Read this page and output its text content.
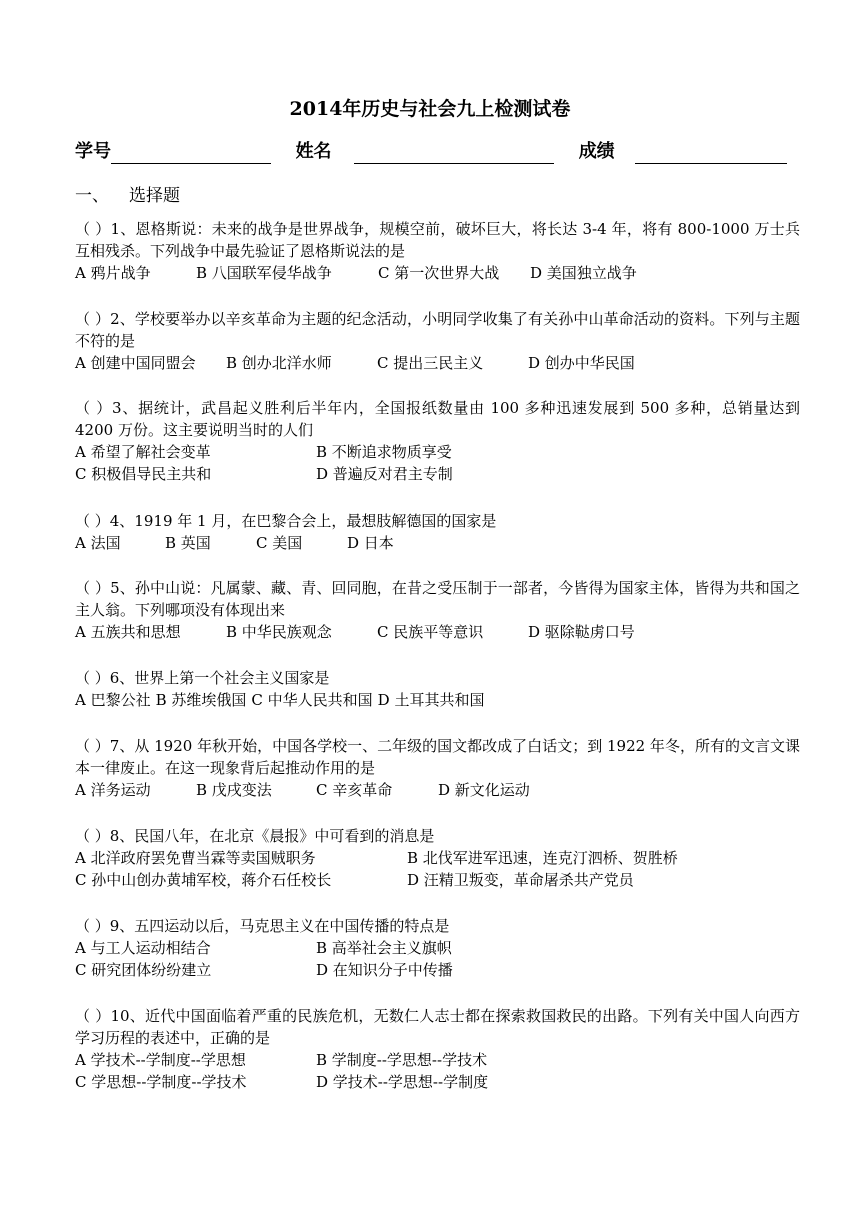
2014年历史与社会九上检测试卷
学号	姓名	成绩
一、 选择题
（ ）1、恩格斯说：未来的战争是世界战争，规模空前，破坏巨大，将长达 3-4 年，将有 800-1000 万士兵互相残杀。下列战争中最先验证了恩格斯说法的是
A 鸦片战争	B 八国联军侵华战争	C 第一次世界大战 D 美国独立战争
（ ）2、学校要举办以辛亥革命为主题的纪念活动，小明同学收集了有关孙中山革命活动的资料。下列与主题不符的是
A 创建中国同盟会 B 创办北洋水师	C 提出三民主义	D 创办中华民国
（ ）3、据统计，武昌起义胜利后半年内，全国报纸数量由 100 多种迅速发展到 500 多种，总销量达到 4200 万份。这主要说明当时的人们
A 希望了解社会变革	B 不断追求物质享受
C 积极倡导民主共和	D 普遍反对君主专制
（ ）4、1919 年 1 月，在巴黎合会上，最想肢解德国的国家是
A 法国	B 英国	C 美国	D 日本
（ ）5、孙中山说：凡属蒙、藏、青、回同胞，在昔之受压制于一部者，今皆得为国家主体，皆得为共和国之主人翁。下列哪项没有体现出来
A 五族共和思想	B 中华民族观念	C 民族平等意识	D 驱除鞑虏口号
（ ）6、世界上第一个社会主义国家是
A 巴黎公社 B 苏维埃俄国 C 中华人民共和国 D 土耳其共和国
（ ）7、从 1920 年秋开始，中国各学校一、二年级的国文都改成了白话文；到 1922 年冬，所有的文言文课本一律废止。在这一现象背后起推动作用的是
A 洋务运动	B 戊戌变法	C 辛亥革命	D 新文化运动
（ ）8、民国八年，在北京《晨报》中可看到的消息是
A 北洋政府罢免曹当霖等卖国贼职务	B 北伐军进军迅速，连克汀泗桥、贺胜桥
C 孙中山创办黄埔军校，蒋介石任校长	D 汪精卫叛变，革命屠杀共产党员
（ ）9、五四运动以后，马克思主义在中国传播的特点是
A 与工人运动相结合	B 高举社会主义旗帜
C 研究团体纷纷建立	D 在知识分子中传播
（ ）10、近代中国面临着严重的民族危机，无数仁人志士都在探索救国救民的出路。下列有关中国人向西方学习历程的表述中，正确的是
A 学技术--学制度--学思想	B 学制度--学思想--学技术
C 学思想--学制度--学技术	D 学技术--学思想--学制度
